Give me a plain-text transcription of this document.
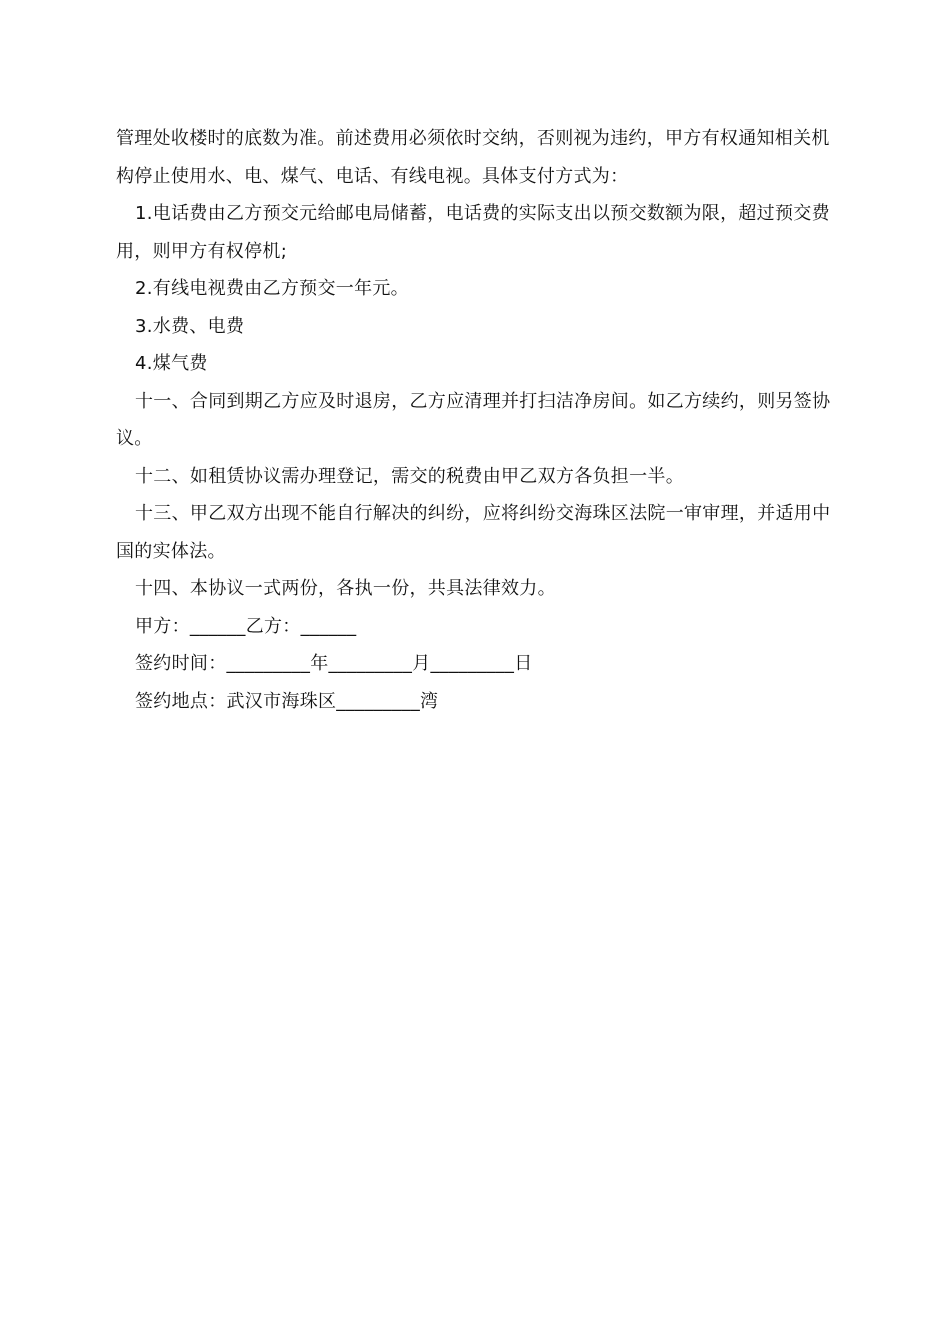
管理处收楼时的底数为准。前述费用必须依时交纳，否则视为违约，甲方有权通知相关机构停止使用水、电、煤气、电话、有线电视。具体支付方式为：

1.电话费由乙方预交元给邮电局储蓄，电话费的实际支出以预交数额为限，超过预交费用，则甲方有权停机;

2.有线电视费由乙方预交一年元。

3.水费、电费

4.煤气费

十一、合同到期乙方应及时退房，乙方应清理并打扫洁净房间。如乙方续约，则另签协议。

十二、如租赁协议需办理登记，需交的税费由甲乙双方各负担一半。

十三、甲乙双方出现不能自行解决的纠纷，应将纠纷交海珠区法院一审审理，并适用中国的实体法。

十四、本协议一式两份，各执一份，共具法律效力。

甲方：______乙方：______

签约时间：_________年_________月_________日

签约地点：武汉市海珠区_________湾
